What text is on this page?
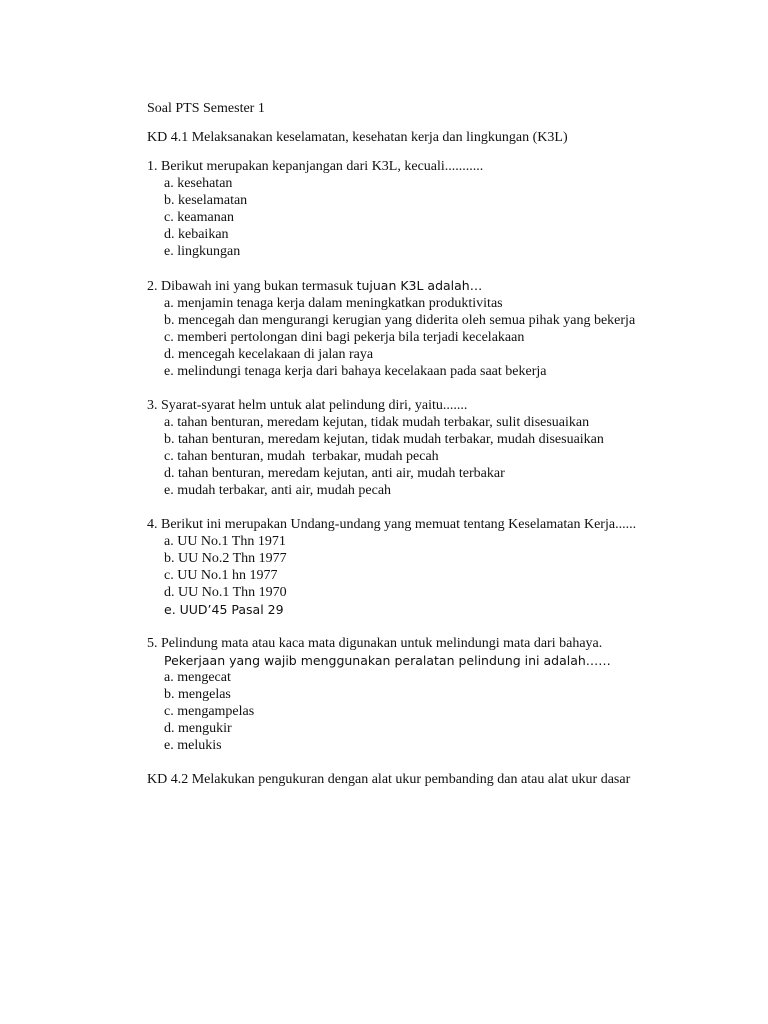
Soal PTS Semester 1
KD 4.1 Melaksanakan keselamatan, kesehatan kerja dan lingkungan (K3L)
1. Berikut merupakan kepanjangan dari K3L, kecuali...........
a. kesehatan
b. keselamatan
c. keamanan
d. kebaikan
e. lingkungan
2. Dibawah ini yang bukan termasuk tujuan K3L adalah…
a. menjamin tenaga kerja dalam meningkatkan produktivitas
b. mencegah dan mengurangi kerugian yang diderita oleh semua pihak yang bekerja
c. memberi pertolongan dini bagi pekerja bila terjadi kecelakaan
d. mencegah kecelakaan di jalan raya
e. melindungi tenaga kerja dari bahaya kecelakaan pada saat bekerja
3. Syarat-syarat helm untuk alat pelindung diri, yaitu.......
a. tahan benturan, meredam kejutan, tidak mudah terbakar, sulit disesuaikan
b. tahan benturan, meredam kejutan, tidak mudah terbakar, mudah disesuaikan
c. tahan benturan, mudah  terbakar, mudah pecah
d. tahan benturan, meredam kejutan, anti air, mudah terbakar
e. mudah terbakar, anti air, mudah pecah
4. Berikut ini merupakan Undang-undang yang memuat tentang Keselamatan Kerja......
a. UU No.1 Thn 1971
b. UU No.2 Thn 1977
c. UU No.1 hn 1977
d. UU No.1 Thn 1970
e. UUD’45 Pasal 29
5. Pelindung mata atau kaca mata digunakan untuk melindungi mata dari bahaya.
Pekerjaan yang wajib menggunakan peralatan pelindung ini adalah……
a. mengecat
b. mengelas
c. mengampelas
d. mengukir
e. melukis
KD 4.2 Melakukan pengukuran dengan alat ukur pembanding dan atau alat ukur dasar
